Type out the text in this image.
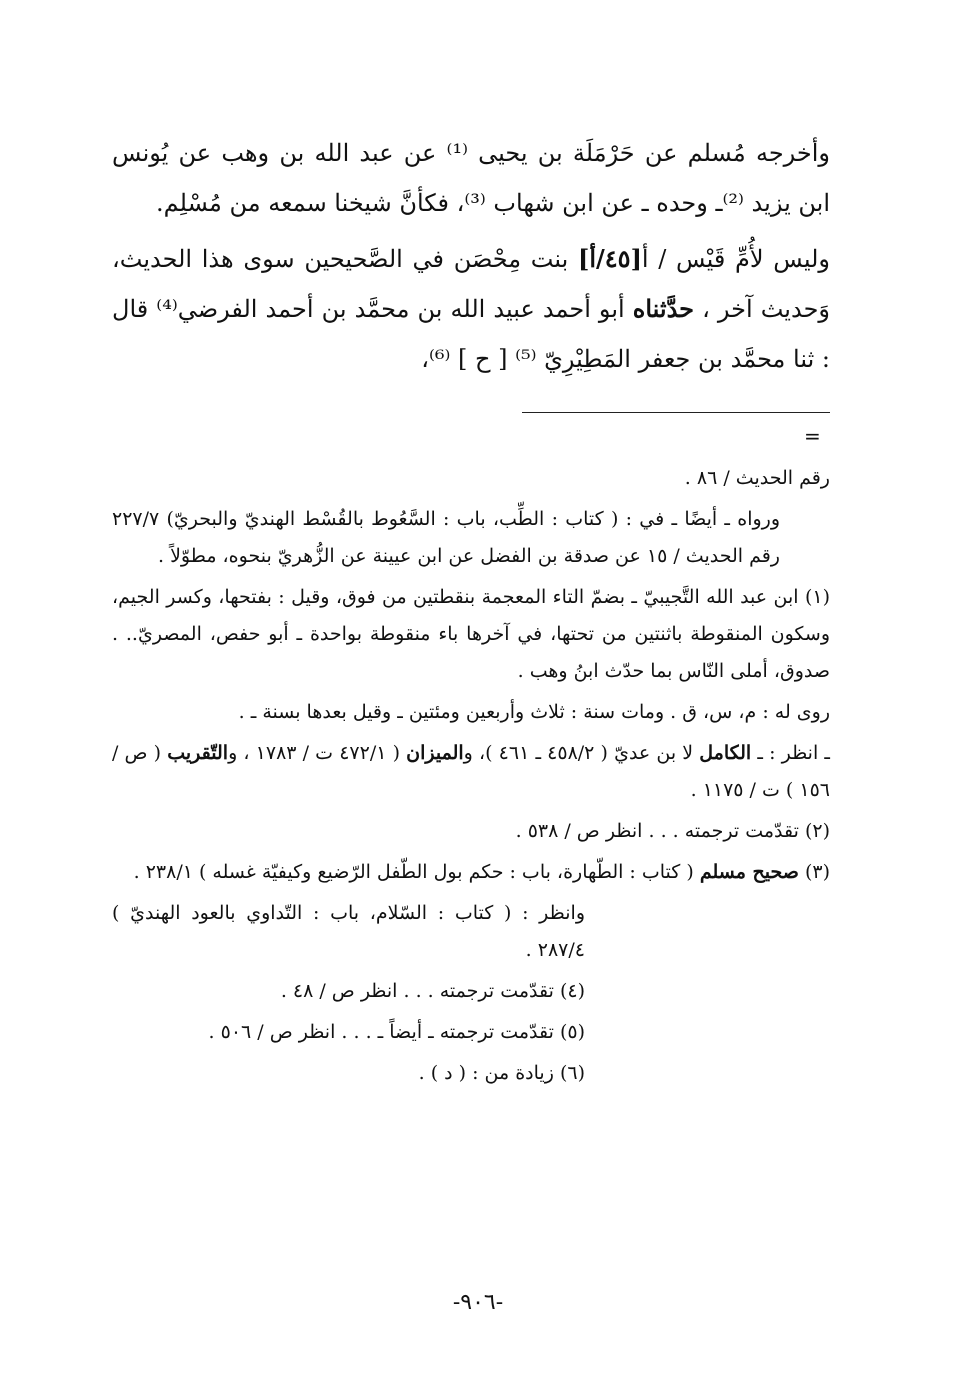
وأخرجه مُسلم عن حَرْمَلَة بن يحيى ⁽¹⁾ عن عبد الله بن وهب عن يُونس ابن يزيد ⁽²⁾ـ وحده ـ عن ابن شهاب ⁽³⁾، فكأنَّ شيخنا سمعه من مُسْلِم.

وليس لأُمِّ قَيْس / أ[٤٥/أ] بنت مِحْصَن في الصَّحيحين سوى هذا الحديث، وَحديث آخر ، حدَّثناه أبو أحمد عبيد الله بن محمَّد بن أحمد الفرضي⁽⁴⁾ قال : ثنا محمَّد بن جعفر المَطِيْرِيّ ⁽⁵⁾ [ ح ] ⁽⁶⁾،

=

رقم الحديث / ٨٦ .

ورواه ـ أيضًا ـ في : ( كتاب : الطِّب، باب : السَّعُوط بالقُسْط الهنديّ والبحريّ) ٢٢٧/٧ رقم الحديث / ١٥ عن صدقة بن الفضل عن ابن عيينة عن الزُّهريّ بنحوه، مطوّلاً .

(١) ابن عبد الله التَّجيبيّ ـ بضمّ التاء المعجمة بنقطتين من فوق، وقيل : بفتحها، وكسر الجيم، وسكون المنقوطة باثنتين من تحتها، في آخرها باء منقوطة بواحدة ـ أبو حفص، المصريّ.. . صدوق، أملى النّاس بما حدّث ابنُ وهب .

روى له : م، س، ق . ومات سنة : ثلاث وأربعين ومئتين ـ وقيل بعدها بسنة ـ .

ـ انظر : ـ الكامل لا بن عديّ ( ٤٥٨/٢ ـ ٤٦١ )، والميزان ( ٤٧٢/١ ت / ١٧٨٣ ، والتّقريب ( ص / ١٥٦ ) ت / ١١٧٥ .

(٢) تقدّمت ترجمته . . . انظر ص / ٥٣٨ .

(٣) صحيح مسلم ( كتاب : الطّهارة، باب : حكم بول الطّفل الرّضيع وكيفيّة غسله ) ٢٣٨/١ .

وانظر : ( كتاب : السّلام، باب : التّداوي بالعود الهنديّ ) ٢٨٧/٤ .

(٤) تقدّمت ترجمته . . . انظر ص / ٤٨ .

(٥) تقدّمت ترجمته ـ أيضاً ـ . . . انظر ص / ٥٠٦ .

(٦) زيادة من : ( د ) .

-٩٠٦-
